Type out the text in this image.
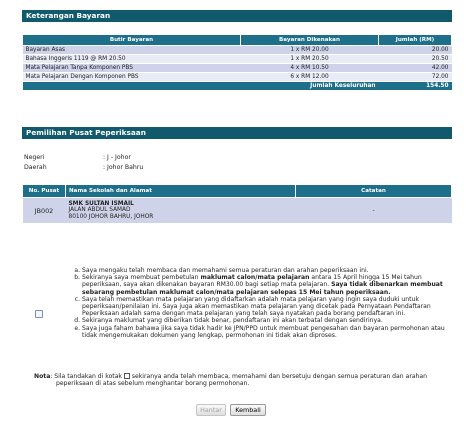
Keterangan Bayaran
Butir Bayaran	Bayaran Dikenakan	Jumlah (RM)
Bayaran Asas	1 x RM 20.00	20.00
Bahasa Inggeris 1119 @ RM 20.50	1 x RM 20.50	20.50
Mata Pelajaran Tanpa Komponen PBS	4 x RM 10.50	42.00
Mata Pelajaran Dengan Komponen PBS	6 x RM 12.00	72.00
	Jumlah Keseluruhan	154.50
Pemilihan Pusat Peperiksaan
Negeri	: J - Johor
Daerah	: Johor Bahru
No. Pusat	Nama Sekolah dan Alamat	Catatan
JB002	SMK SULTAN ISMAIL
JALAN ABDUL SAMAD
80100 JOHOR BAHRU, JOHOR	-
a. Saya mengaku telah membaca dan memahami semua peraturan dan arahan peperiksaan ini.
b. Sekiranya saya membuat pembetulan maklumat calon/mata pelajaran antara 15 April hingga 15 Mei tahun peperiksaan, saya akan dikenakan bayaran RM30.00 bagi setiap mata pelajaran. Saya tidak dibenarkan membuat sebarang pembetulan maklumat calon/mata pelajaran selepas 15 Mei tahun peperiksaan.
c. Saya telah memastikan mata pelajaran yang didaftarkan adalah mata pelajaran yang ingin saya duduki untuk peperiksaan/penilaian ini. Saya juga akan memastikan mata pelajaran yang dicetak pada Pernyataan Pendaftaran Peperiksaan adalah sama dengan mata pelajaran yang telah saya nyatakan pada borang pendaftaran ini.
d. Sekiranya maklumat yang diberikan tidak benar, pendaftaran ini akan terbatal dengan sendirinya.
e. Saya juga faham bahawa jika saya tidak hadir ke JPN/PPD untuk membuat pengesahan dan bayaran permohonan atau tidak mengemukakan dokumen yang lengkap, permohonan ini tidak akan diproses.
Nota: Sila tandakan di kotak  sekiranya anda telah membaca, memahami dan bersetuju dengan semua peraturan dan arahan peperiksaan di atas sebelum menghantar borang permohonan.
Hantar	Kembali
